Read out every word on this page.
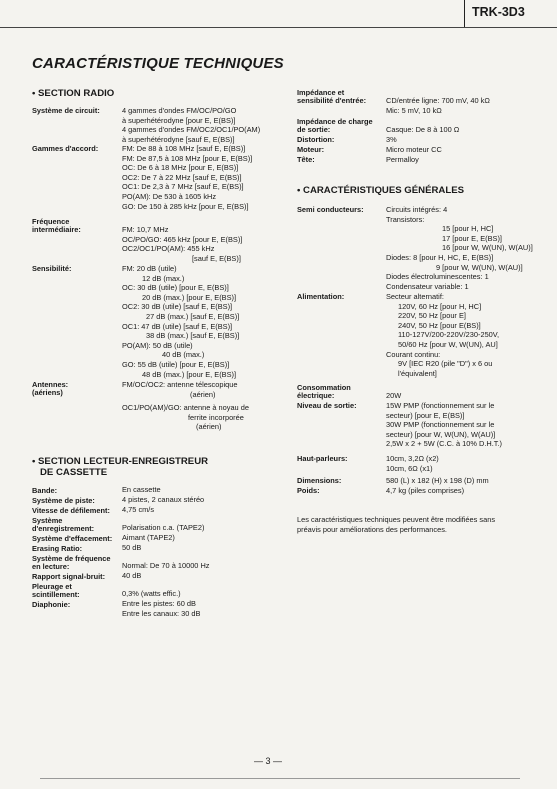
TRK-3D3
CARACTÉRISTIQUE TECHNIQUES
• SECTION RADIO
Système de circuit:	4 gammes d'ondes FM/OC/PO/GO
à superhétérodyne [pour E, E(BS)]
4 gammes d'ondes FM/OC2/OC1/PO(AM)
à superhétérodyne [sauf E, E(BS)]
Gammes d'accord:	FM: De 88 à 108 MHz [sauf E, E(BS)]
FM: De 87,5 à 108 MHz [pour E, E(BS)]
OC: De 6 à 18 MHz [pour E, E(BS)]
OC2: De 7 à 22 MHz [sauf E, E(BS)]
OC1: De 2,3 à 7 MHz [sauf E, E(BS)]
PO(AM): De 530 à 1605 kHz
GO: De 150 à 285 kHz [pour E, E(BS)]
Fréquence
intermédiaire:	FM: 10,7 MHz
OC/PO/GO: 465 kHz [pour E, E(BS)]
OC2/OC1/PO(AM): 455 kHz
[sauf E, E(BS)]
Sensibilité:	FM: 20 dB (utile)
12 dB (max.)
OC: 30 dB (utile) [pour E, E(BS)]
20 dB (max.) [pour E, E(BS)]
OC2: 30 dB (utile) [sauf E, E(BS)]
27 dB (max.) [sauf E, E(BS)]
OC1: 47 dB (utile) [sauf E, E(BS)]
38 dB (max.) [sauf E, E(BS)]
PO(AM): 50 dB (utile)
40 dB (max.)
GO: 55 dB (utile) [pour E, E(BS)]
48 dB (max.) [pour E, E(BS)]
Antennes:
(aériens)
FM/OC/OC2: antenne télescopique
(aérien)
OC1/PO(AM)/GO: antenne à noyau de
ferrite incorporée
(aérien)
• SECTION LECTEUR-ENREGISTREUR
DE CASSETTE
Bande:	En cassette
Système de piste:	4 pistes, 2 canaux stéréo
Vitesse de défilement: 4,75 cm/s
Système
d'enregistrement:	Polarisation c.a. (TAPE2)
Système d'effacement: Aimant (TAPE2)
Erasing Ratio:	50 dB
Système de fréquence
en lecture:	Normal: De 70 à 10000 Hz
Rapport signal-bruit: 40 dB
Pleurage et
scintillement:	0,3% (watts effic.)
Diaphonie:	Entre les pistes: 60 dB
Entre les canaux: 30 dB
Impédance et
sensibilité d'entrée:	CD/entrée ligne: 700 mV, 40 kΩ
Mic: 5 mV, 10 kΩ
Impédance de charge
de sortie:	Casque: De 8 à 100 Ω
Distortion:	3%
Moteur:	Micro moteur CC
Tête:	Permalloy
• CARACTÉRISTIQUES GÉNÉRALES
Semi conducteurs:	Circuits intégrés: 4
Transistors:
15 [pour H, HC]
17 [pour E, E(BS)]
16 [pour W, W(UN), W(AU)]
Diodes: 8 [pour H, HC, E, E(BS)]
9 [pour W, W(UN), W(AU)]
Diodes électroluminescentes: 1
Condensateur variable: 1
Alimentation:	Secteur alternatif:
120V, 60 Hz [pour H, HC]
220V, 50 Hz [pour E]
240V, 50 Hz [pour E(BS)]
110-127V/200-220V/230-250V,
50/60 Hz [pour W, W(UN), AU]
Courant continu:
9V [IEC R20 (pile "D") x 6 ou
l'équivalent]
Consommation
électrique:	20W
Niveau de sortie:	15W PMP (fonctionnement sur le
secteur) [pour E, E(BS)]
30W PMP (fonctionnement sur le
secteur) [pour W, W(UN), W(AU)]
2,5W x 2 + 5W (C.C. à 10% D.H.T.)
Haut-parleurs:	10cm, 3,2Ω (x2)
10cm, 6Ω (x1)
Dimensions:	580 (L) x 182 (H) x 198 (D) mm
Poids:	4,7 kg (piles comprises)
Les caractéristiques techniques peuvent être modifiées sans
préavis pour améliorations des performances.
— 3 —
